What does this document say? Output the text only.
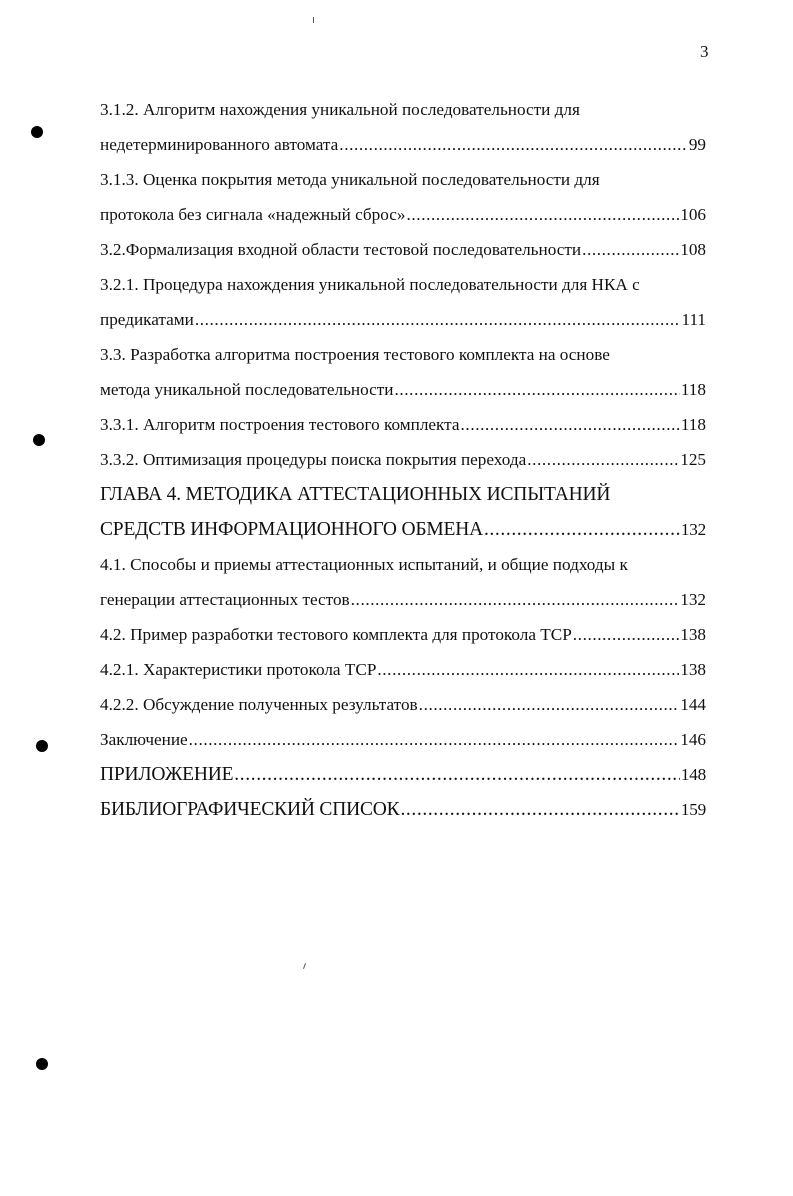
3
3.1.2. Алгоритм нахождения уникальной последовательности для
недетерминированного автомата .....	99
3.1.3. Оценка покрытия метода уникальной последовательности для
протокола без сигнала «надежный сброс» .....	106
3.2.Формализация входной области тестовой последовательности .....	108
3.2.1. Процедура нахождения уникальной последовательности для НКА с
предикатами .....	111
3.3. Разработка алгоритма построения тестового комплекта на основе
метода уникальной последовательности .....	118
3.3.1. Алгоритм построения тестового комплекта .....	118
3.3.2. Оптимизация процедуры поиска покрытия перехода .....	125
ГЛАВА 4. МЕТОДИКА АТТЕСТАЦИОННЫХ ИСПЫТАНИЙ
СРЕДСТВ ИНФОРМАЦИОННОГО ОБМЕНА .....	132
4.1. Способы и приемы аттестационных испытаний, и общие подходы к
генерации аттестационных тестов .....	132
4.2. Пример разработки тестового комплекта для протокола TCP .....	138
4.2.1. Характеристики протокола TCP .....	138
4.2.2. Обсуждение полученных результатов .....	144
Заключение .....	146
ПРИЛОЖЕНИЕ .....	148
БИБЛИОГРАФИЧЕСКИЙ СПИСОК .....	159
